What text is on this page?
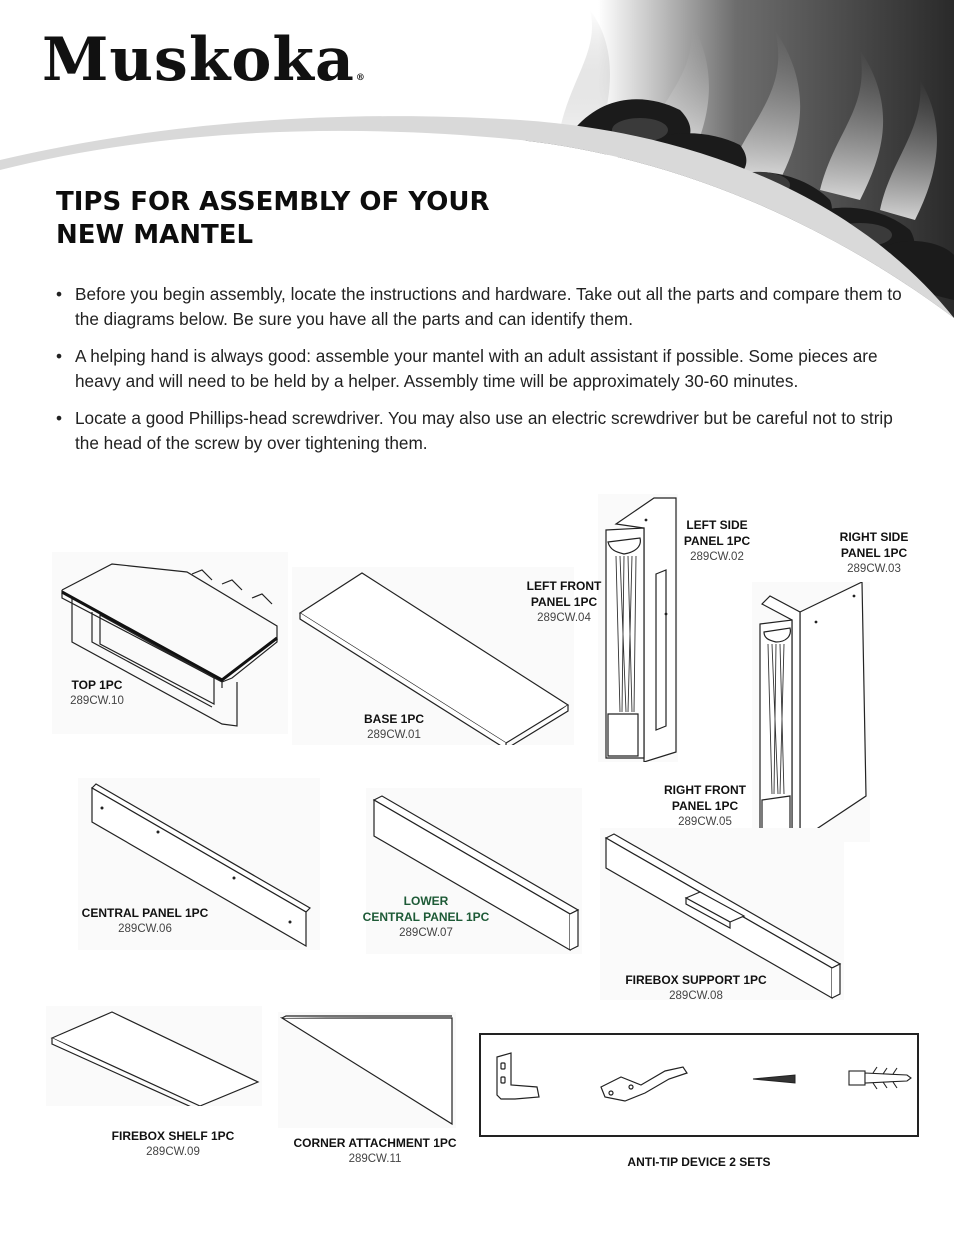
Muskoka®
TIPS FOR ASSEMBLY OF YOUR
NEW MANTEL
• Before you begin assembly, locate the instructions and hardware. Take out all the parts and compare them to the diagrams below. Be sure you have all the parts and can identify them.
• A helping hand is always good: assemble your mantel with an adult assistant if possible. Some pieces are heavy and will need to be held by a helper. Assembly time will be approximately 30-60 minutes.
• Locate a good Phillips-head screwdriver. You may also use an electric screwdriver but be careful not to strip the head of the screw by over tightening them.
TOP 1PC
289CW.10
BASE 1PC
289CW.01
LEFT FRONT
PANEL 1PC
289CW.04
LEFT SIDE
PANEL 1PC
289CW.02
RIGHT SIDE
PANEL 1PC
289CW.03
RIGHT FRONT
PANEL 1PC
289CW.05
CENTRAL PANEL 1PC
289CW.06
LOWER
CENTRAL PANEL 1PC
289CW.07
FIREBOX SUPPORT 1PC
289CW.08
FIREBOX SHELF 1PC
289CW.09
CORNER ATTACHMENT 1PC
289CW.11	ANTI-TIP DEVICE 2 SETS
